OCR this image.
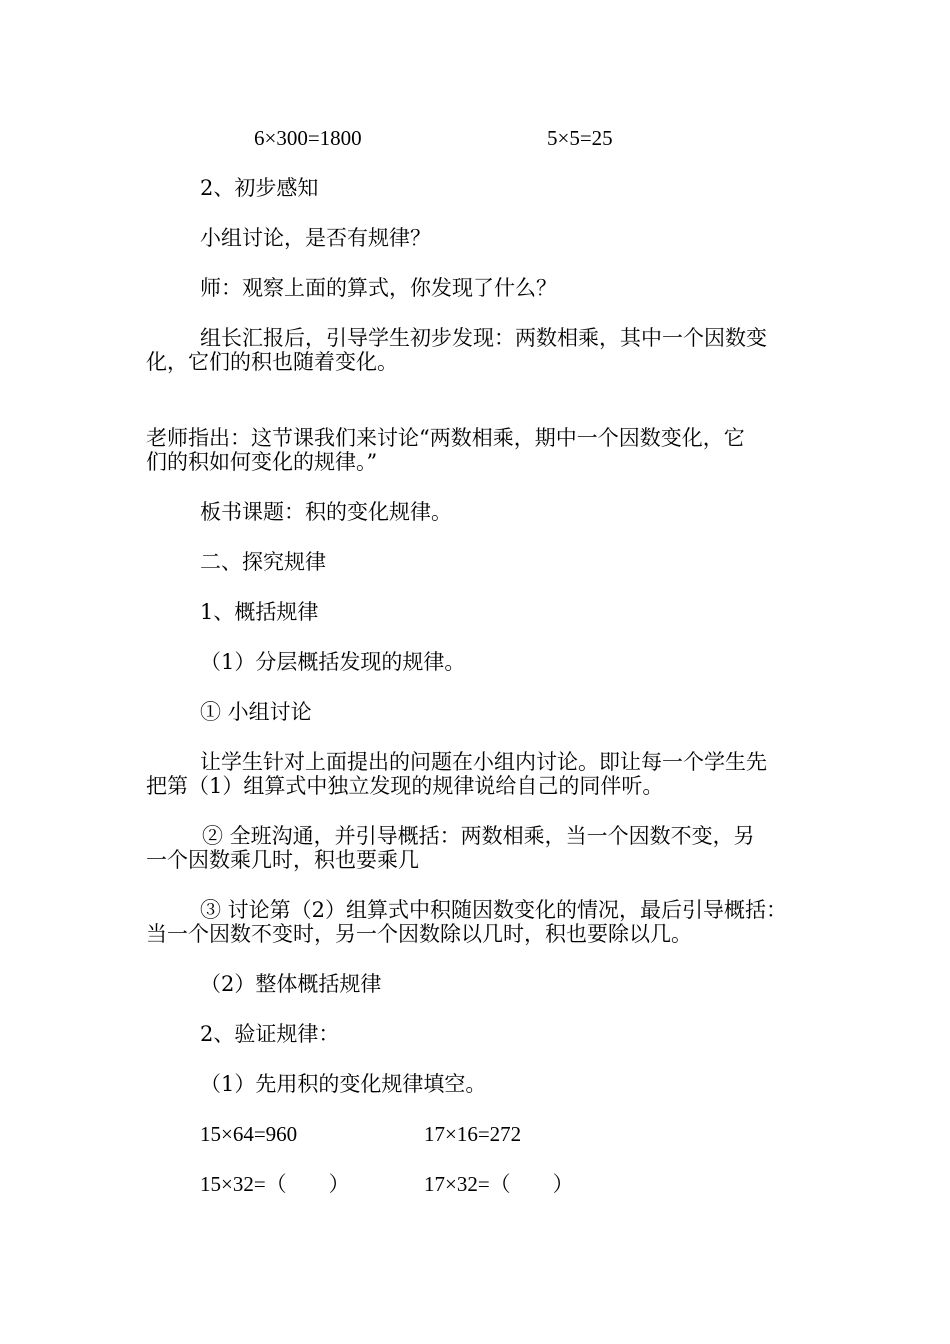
6×300=1800	5×5=25
2、初步感知
小组讨论，是否有规律？
师：观察上面的算式，你发现了什么？
组长汇报后，引导学生初步发现：两数相乘，其中一个因数变
化，它们的积也随着变化。
老师指出：这节课我们来讨论“两数相乘，期中一个因数变化，它
们的积如何变化的规律。”
板书课题：积的变化规律。
二、探究规律
1、概括规律
（1）分层概括发现的规律。
① 小组讨论
让学生针对上面提出的问题在小组内讨论。即让每一个学生先
把第（1）组算式中独立发现的规律说给自己的同伴听。
② 全班沟通，并引导概括：两数相乘，当一个因数不变，另
一个因数乘几时，积也要乘几
③ 讨论第（2）组算式中积随因数变化的情况，最后引导概括：
当一个因数不变时，另一个因数除以几时，积也要除以几。
（2）整体概括规律
2、验证规律：
（1）先用积的变化规律填空。
15×64=960	17×16=272
15×32=（　　）	17×32=（　　）
